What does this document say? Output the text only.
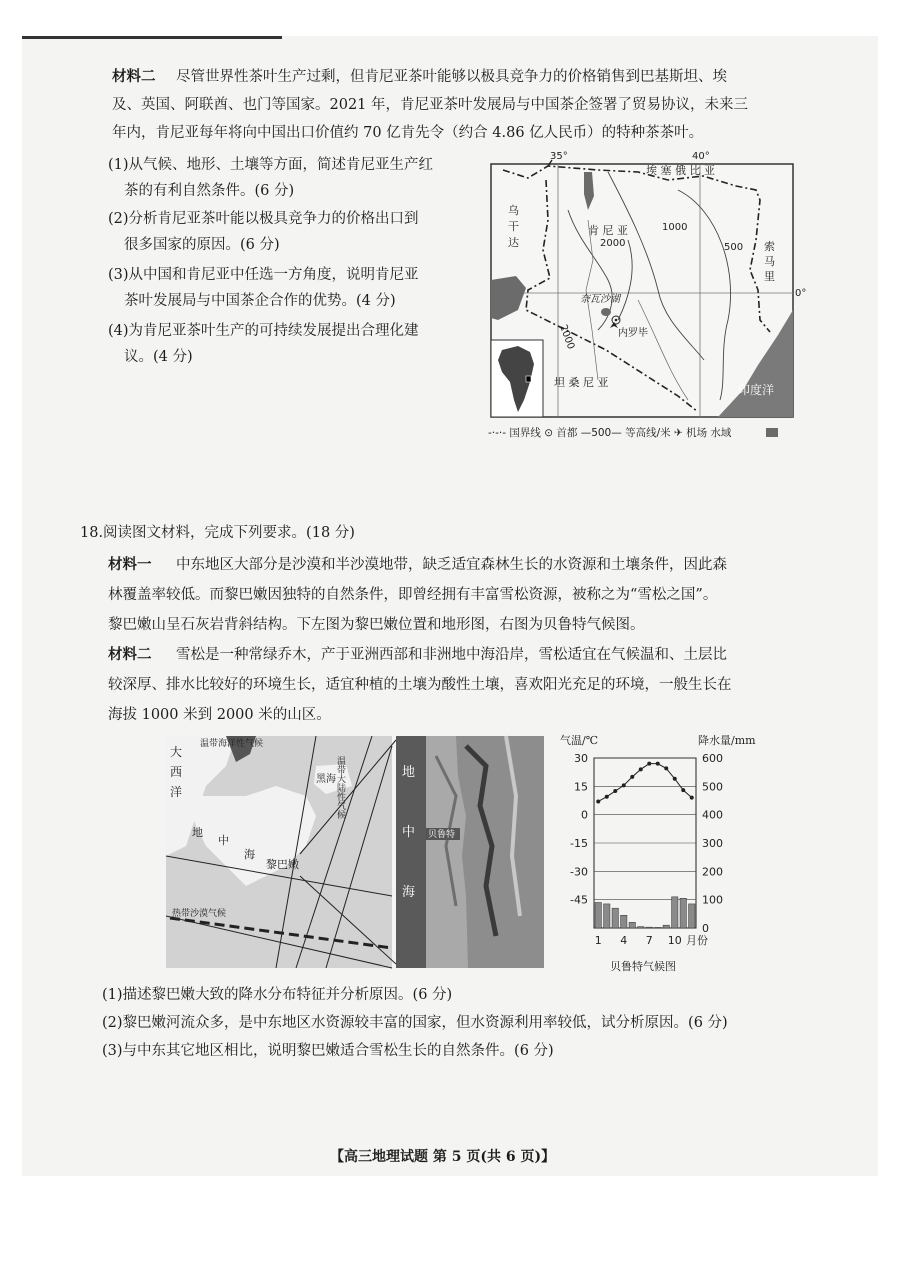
材料二 尽管世界性茶叶生产过剩，但肯尼亚茶叶能够以极具竞争力的价格销售到巴基斯坦、埃
及、英国、阿联酋、也门等国家。2021 年，肯尼亚茶叶发展局与中国茶企签署了贸易协议，未来三
年内，肯尼亚每年将向中国出口价值约 70 亿肯先令（约合 4.86 亿人民币）的特种茶茶叶。
(1)从气候、地形、土壤等方面，简述肯尼亚生产红
茶的有利自然条件。(6 分)
(2)分析肯尼亚茶叶能以极具竞争力的价格出口到
很多国家的原因。(6 分)
(3)从中国和肯尼亚中任选一方角度，说明肯尼亚
茶叶发展局与中国茶企合作的优势。(4 分)
(4)为肯尼亚茶叶生产的可持续发展提出合理化建
议。(4 分)
35°	40°
0°
印度洋
埃 塞 俄 比 亚
乌
干
达
肯 尼 亚
2000
1000
500 索
马
里
奈瓦沙湖
内罗毕
2000
坦 桑 尼 亚
-·-·- 国界线 ⊙ 首都 —500— 等高线/米 ✈ 机场 水域
18.阅读图文材料，完成下列要求。(18 分)
材料一 中东地区大部分是沙漠和半沙漠地带，缺乏适宜森林生长的水资源和土壤条件，因此森
林覆盖率较低。而黎巴嫩因独特的自然条件，即曾经拥有丰富雪松资源，被称之为“雪松之国”。
黎巴嫩山呈石灰岩背斜结构。下左图为黎巴嫩位置和地形图，右图为贝鲁特气候图。
材料二 雪松是一种常绿乔木，产于亚洲西部和非洲地中海沿岸，雪松适宜在气候温和、土层比
较深厚、排水比较好的环境生长，适宜种植的土壤为酸性土壤，喜欢阳光充足的环境，一般生长在
海拔 1000 米到 2000 米的山区。
大
西
洋
地
中
海
黑海
温带海洋性气候
温带大陆性气候
热带沙漠气候
黎巴嫩
地
中
海
贝鲁特
气温/℃	降水量/mm
30
15
0
-15
-30
-45
600
500
400
300
200
100
0
1 4 7 10 月份
贝鲁特气候图
(1)描述黎巴嫩大致的降水分布特征并分析原因。(6 分)
(2)黎巴嫩河流众多，是中东地区水资源较丰富的国家，但水资源利用率较低，试分析原因。(6 分)
(3)与中东其它地区相比，说明黎巴嫩适合雪松生长的自然条件。(6 分)
【高三地理试题 第 5 页(共 6 页)】
